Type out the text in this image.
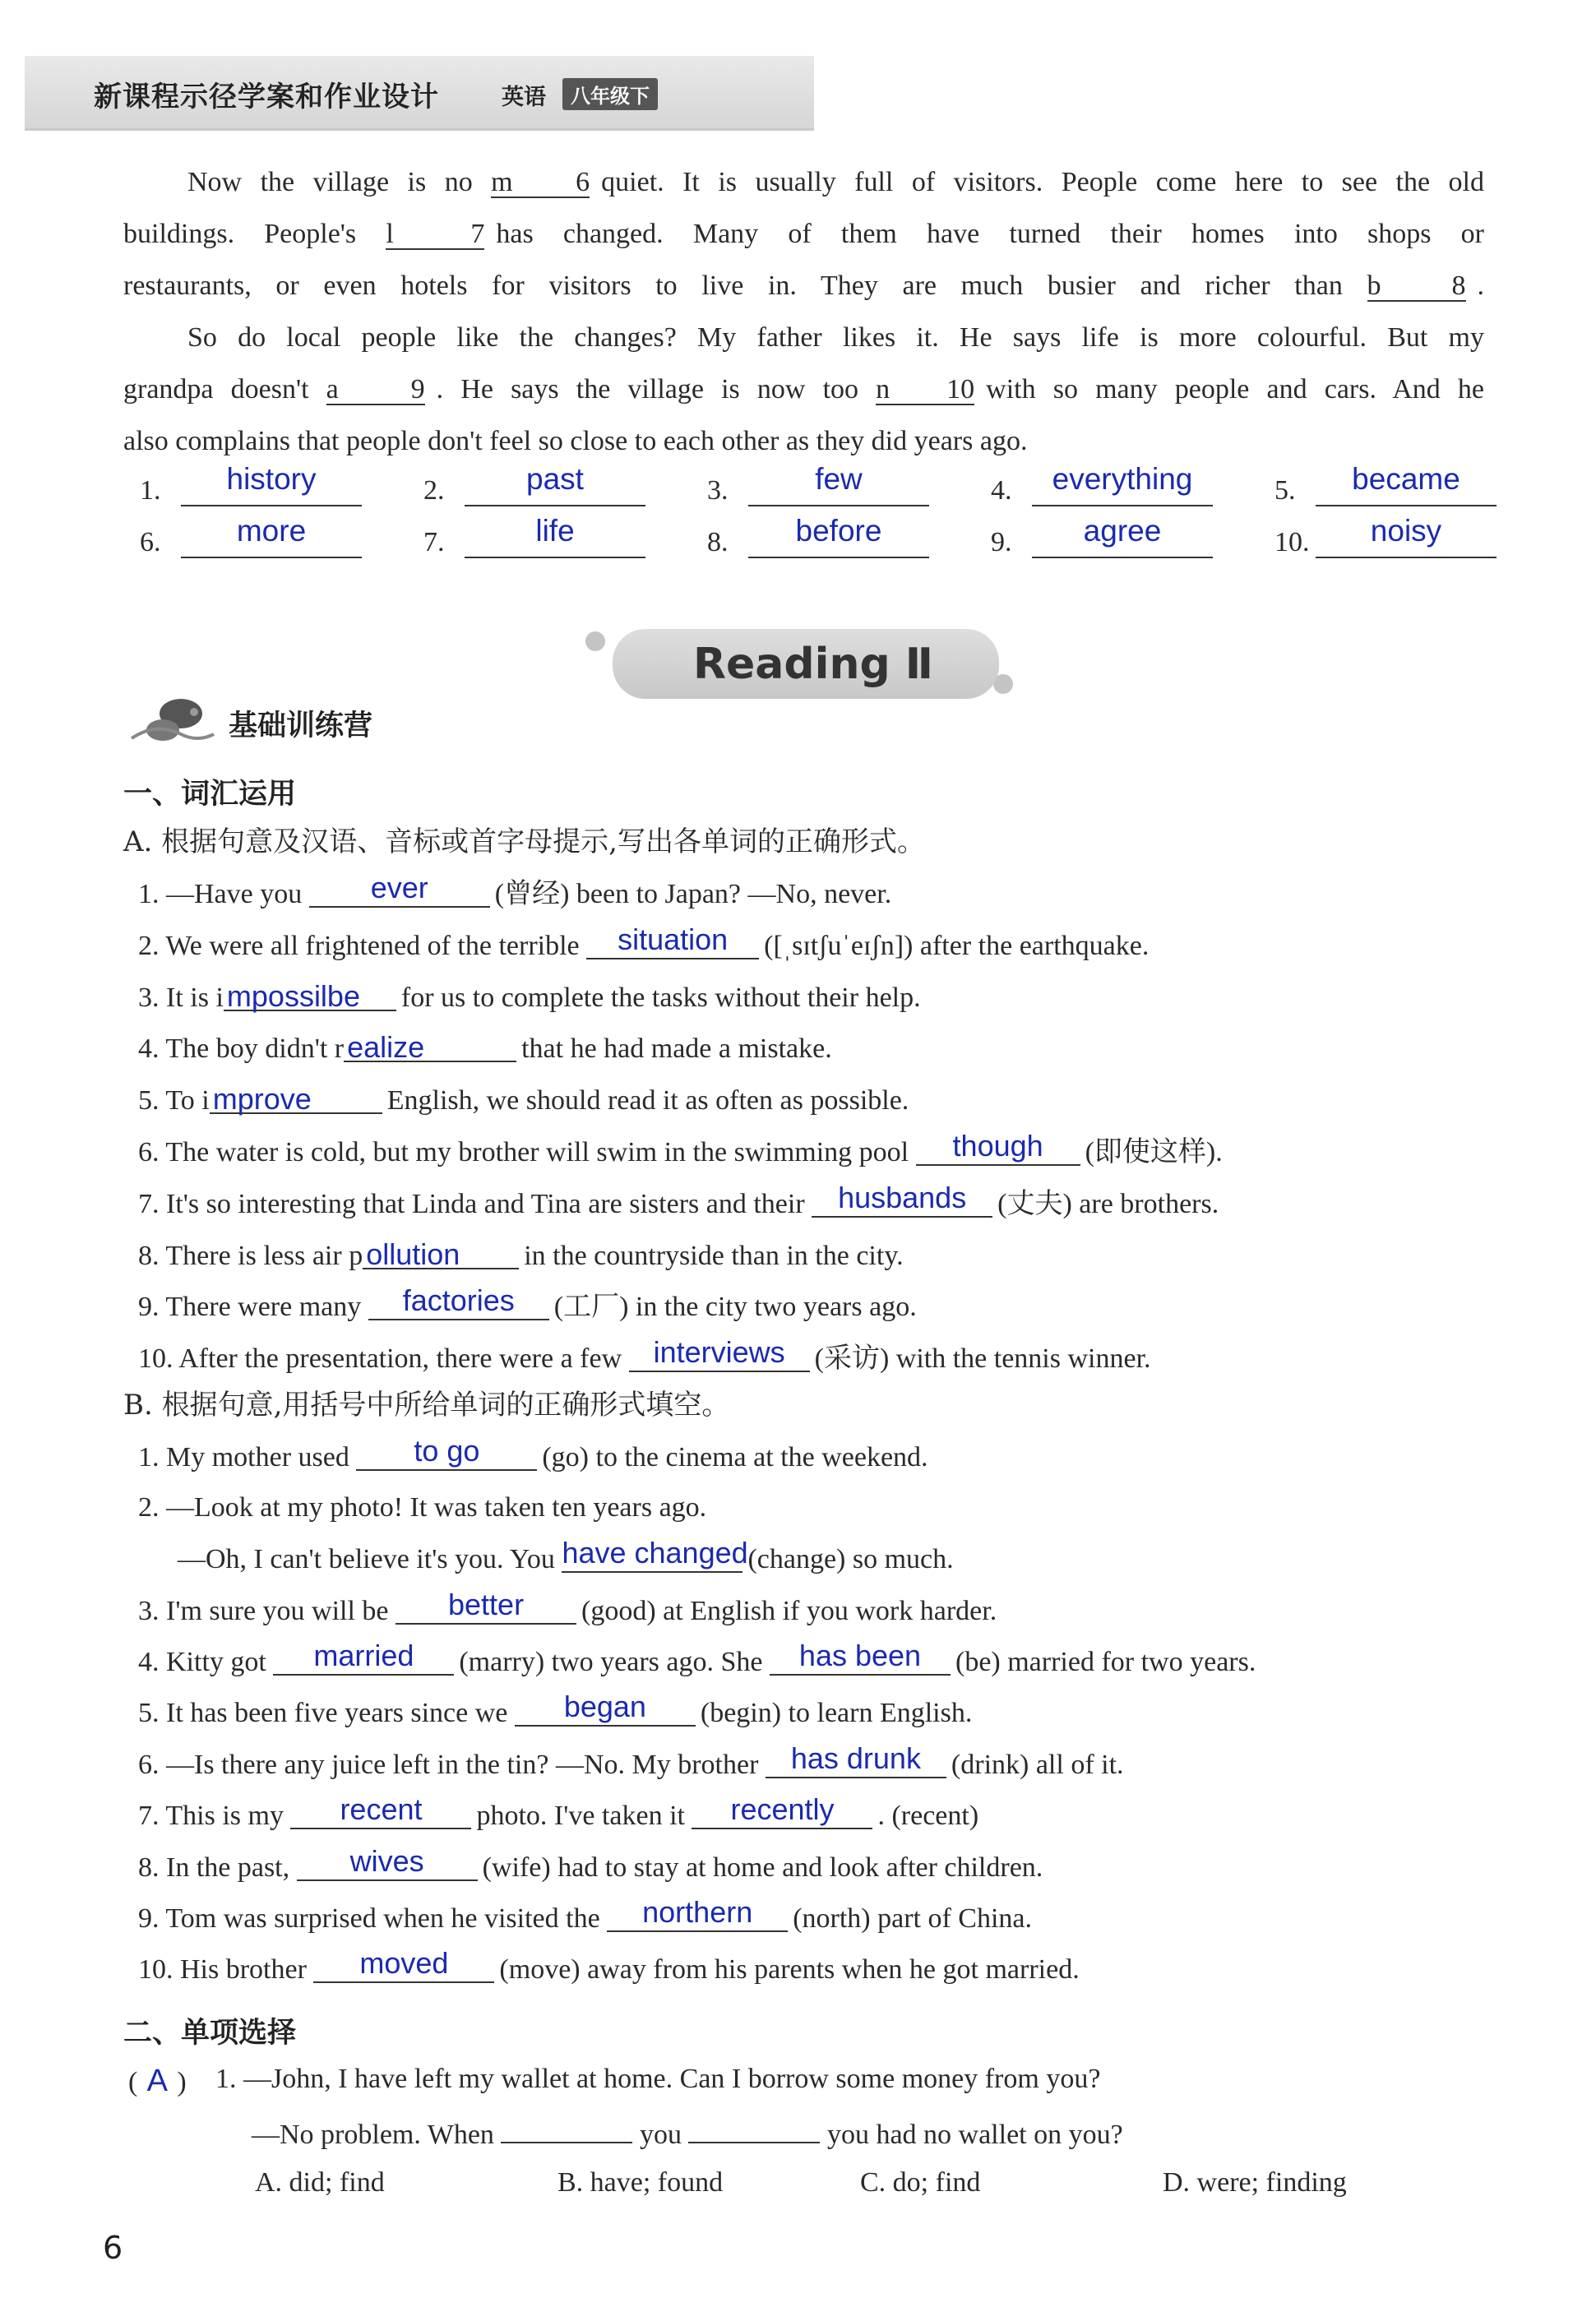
新课程示径学案和作业设计	英语	八年级下
Now the village is no m 6quiet. It is usually full of visitors. People come here to see the old
buildings. People's l 7has changed. Many of them have turned their homes into shops or
restaurants, or even hotels for visitors to live in. They are much busier and richer than b 8.
So do local people like the changes? My father likes it. He says life is more colourful. But my
grandpa doesn't a 9. He says the village is now too n 10with so many people and cars. And he
also complains that people don't feel so close to each other as they did years ago.
1.	history	2.	past	3.	few	4.	everything	5.	became
6.	more	7.	life	8.	before	9.	agree	10.	noisy
Reading Ⅱ
基础训练营
一、词汇运用
A. 根据句意及汉语、音标或首字母提示,写出各单词的正确形式。
1. —Have you	ever	(曾经) been to Japan? —No, never.
2. We were all frightened of the terrible	situation	([ˌsɪtʃuˈeɪʃn]) after the earthquake.
3. It is i mpossilbe for us to complete the tasks without their help.
4. The boy didn't r ealize	that he had made a mistake.
5. To i mprove	English, we should read it as often as possible.
6. The water is cold, but my brother will swim in the swimming pool	though	(即使这样).
7. It's so interesting that Linda and Tina are sisters and their husbands	(丈夫) are brothers.
8. There is less air p ollution in the countryside than in the city.
9. There were many	factories	(工厂) in the city two years ago.
10. After the presentation, there were a few interviews	(采访) with the tennis winner.
B. 根据句意,用括号中所给单词的正确形式填空。
1. My mother used	to go	(go) to the cinema at the weekend.
2. —Look at my photo! It was taken ten years ago.
—Oh, I can't believe it's you. You have changed (change) so much.
3. I'm sure you will be	better	(good) at English if you work harder.
4. Kitty got	married	(marry) two years ago. She has been	(be) married for two years.
5. It has been five years since we	began	(begin) to learn English.
6. —Is there any juice left in the tin? —No. My brother has drunk	(drink) all of it.
7. This is my	recent	photo. I've taken it	recently	. (recent)
8. In the past,	wives	(wife) had to stay at home and look after children.
9. Tom was surprised when he visited the	northern	(north) part of China.
10. His brother	moved	(move) away from his parents when he got married.
二、单项选择
( A ) 1. —John, I have left my wallet at home. Can I borrow some money from you?
—No problem. When	you	you had no wallet on you?
A. did; find	B. have; found	C. do; find	D. were; finding
6
